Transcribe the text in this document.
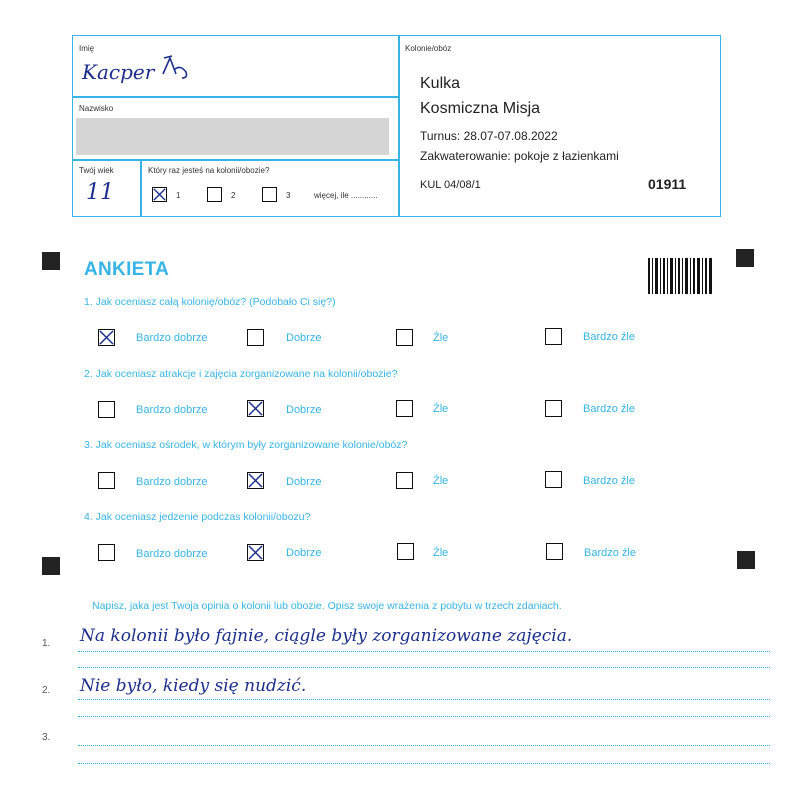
Imię
Kacper
Nazwisko
Twój wiek
11
Który raz jesteś na kolonii/obozie?
1	2	3	więcej, ile ............
Kolonie/obóz
Kulka
Kosmiczna Misja
Turnus: 28.07-07.08.2022
Zakwaterowanie: pokoje z łazienkami
KUL 04/08/1	01911
ANKIETA
1. Jak oceniasz całą kolonię/obóz? (Podobało Ci się?)
Bardzo dobrze	Dobrze	Źle	Bardzo źle
2. Jak oceniasz atrakcje i zajęcia zorganizowane na kolonii/obozie?
Bardzo dobrze	Dobrze	Źle	Bardzo źle
3. Jak oceniasz ośrodek, w którym były zorganizowane kolonie/obóz?
Bardzo dobrze	Dobrze	Źle	Bardzo źle
4. Jak oceniasz jedzenie podczas kolonii/obozu?
Bardzo dobrze	Dobrze	Źle	Bardzo źle
Napisz, jaka jest Twoja opinia o kolonii lub obozie. Opisz swoje wrażenia z pobytu w trzech zdaniach.
1. Na kolonii było fajnie, ciągle były zorganizowane zajęcia.
2. Nie było, kiedy się nudzić.
3.
